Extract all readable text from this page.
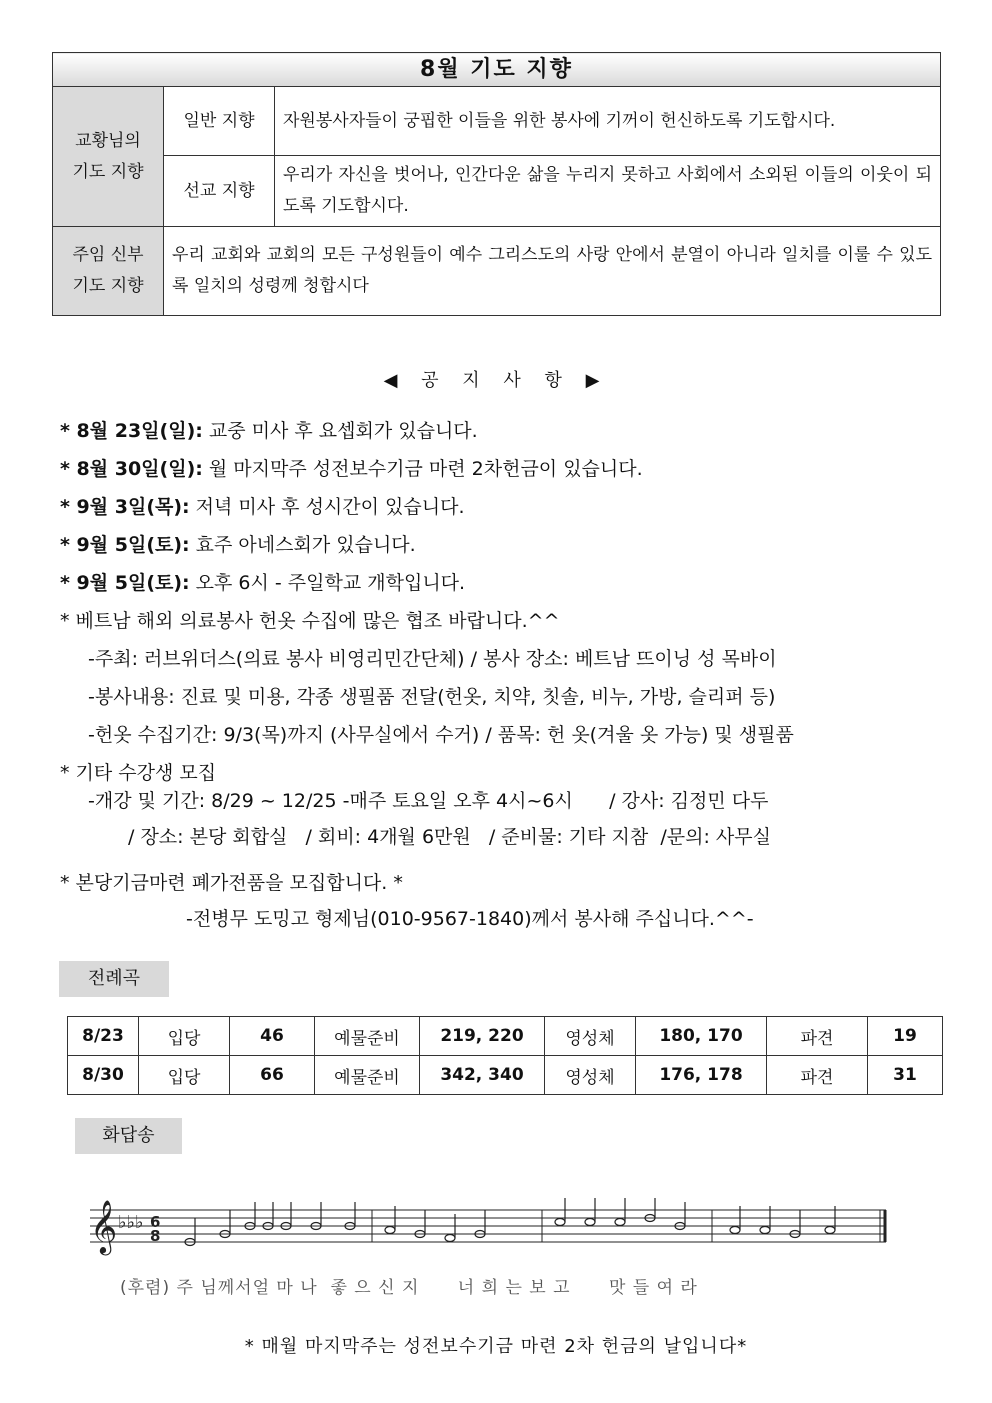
8월 기도 지향		

교황님의
기도 지향	일반 지향	자원봉사자들이 궁핍한 이들을 위한 봉사에 기꺼이 헌신하도록 기도합시다.
	선교 지향	우리가 자신을 벗어나, 인간다운 삶을 누리지 못하고 사회에서 소외된 이들의 이웃이 되도록 기도합시다.

주임 신부
기도 지향	우리 교회와 교회의 모든 구성원들이 예수 그리스도의 사랑 안에서 분열이 아니라 일치를 이룰 수 있도록 일치의 성령께 청합시다	
◀ 공 지 사 항 ▶
* 8월 23일(일): 교중 미사 후 요셉회가 있습니다.
* 8월 30일(일): 월 마지막주 성전보수기금 마련 2차헌금이 있습니다.
* 9월 3일(목): 저녁 미사 후 성시간이 있습니다.
* 9월 5일(토): 효주 아네스회가 있습니다.
* 9월 5일(토): 오후 6시 - 주일학교 개학입니다.
* 베트남 해외 의료봉사 헌옷 수집에 많은 협조 바랍니다.^^
-주최: 러브위더스(의료 봉사 비영리민간단체) / 봉사 장소: 베트남 뜨이닝 성 목바이
-봉사내용: 진료 및 미용, 각종 생필품 전달(헌옷, 치약, 칫솔, 비누, 가방, 슬리퍼 등)
-헌옷 수집기간: 9/3(목)까지 (사무실에서 수거) / 품목: 헌 옷(겨울 옷 가능) 및 생필품
* 기타 수강생 모집
-개강 및 기간: 8/29 ~ 12/25 -매주 토요일 오후 4시~6시      / 강사: 김정민 다두
/ 장소: 본당 회합실   / 회비: 4개월 6만원   / 준비물: 기타 지참  /문의: 사무실
* 본당기금마련 폐가전품을 모집합니다. *
-전병무 도밍고 형제님(010-9567-1840)께서 봉사해 주십니다.^^-
전례곡
8/23	입당	46	예물준비	219, 220	영성체	180, 170	파견	19
8/30	입당	66	예물준비	342, 340	영성체	176, 178	파견	31
화답송
𝄞 ♭♭♭ 6
8
(후렴) 주 님께서얼 마 나  좋 으 신 지      너 희 는 보 고      맛 들 여 라
* 매월 마지막주는 성전보수기금 마련 2차 헌금의 날입니다*
